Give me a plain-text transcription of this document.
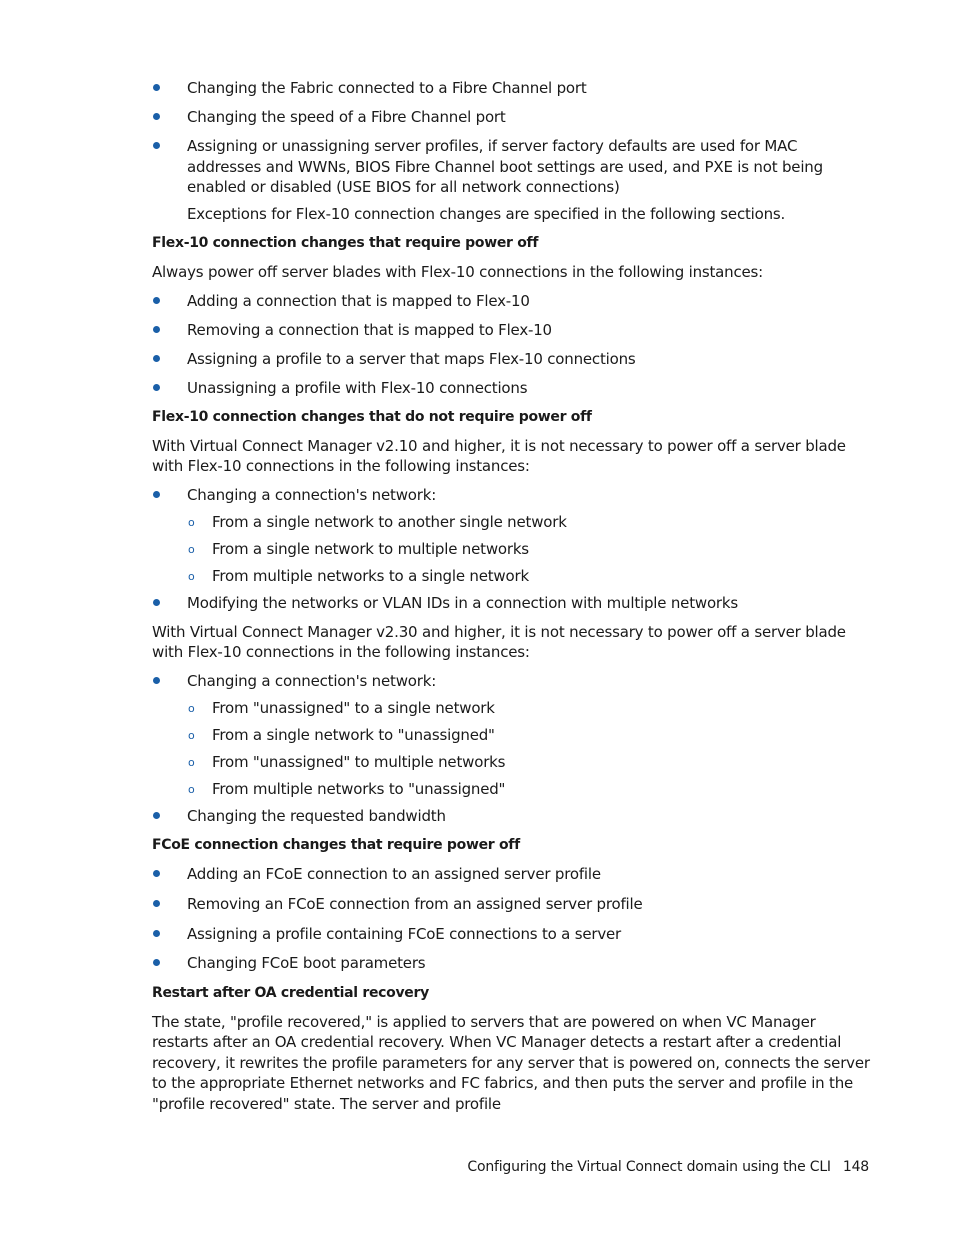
Changing the Fabric connected to a Fibre Channel port
Changing the speed of a Fibre Channel port
Assigning or unassigning server profiles, if server factory defaults are used for MAC addresses and WWNs, BIOS Fibre Channel boot settings are used, and PXE is not being enabled or disabled (USE BIOS for all network connections)
Exceptions for Flex-10 connection changes are specified in the following sections.
Flex-10 connection changes that require power off
Always power off server blades with Flex-10 connections in the following instances:
Adding a connection that is mapped to Flex-10
Removing a connection that is mapped to Flex-10
Assigning a profile to a server that maps Flex-10 connections
Unassigning a profile with Flex-10 connections
Flex-10 connection changes that do not require power off
With Virtual Connect Manager v2.10 and higher, it is not necessary to power off a server blade with Flex-10 connections in the following instances:
Changing a connection's network:
o From a single network to another single network
o From a single network to multiple networks
o From multiple networks to a single network
Modifying the networks or VLAN IDs in a connection with multiple networks
With Virtual Connect Manager v2.30 and higher, it is not necessary to power off a server blade with Flex-10 connections in the following instances:
Changing a connection's network:
o From "unassigned" to a single network
o From a single network to "unassigned"
o From "unassigned" to multiple networks
o From multiple networks to "unassigned"
Changing the requested bandwidth
FCoE connection changes that require power off
Adding an FCoE connection to an assigned server profile
Removing an FCoE connection from an assigned server profile
Assigning a profile containing FCoE connections to a server
Changing FCoE boot parameters
Restart after OA credential recovery
The state, "profile recovered," is applied to servers that are powered on when VC Manager restarts after an OA credential recovery. When VC Manager detects a restart after a credential recovery, it rewrites the profile parameters for any server that is powered on, connects the server to the appropriate Ethernet networks and FC fabrics, and then puts the server and profile in the "profile recovered" state. The server and profile
Configuring the Virtual Connect domain using the CLI 148
